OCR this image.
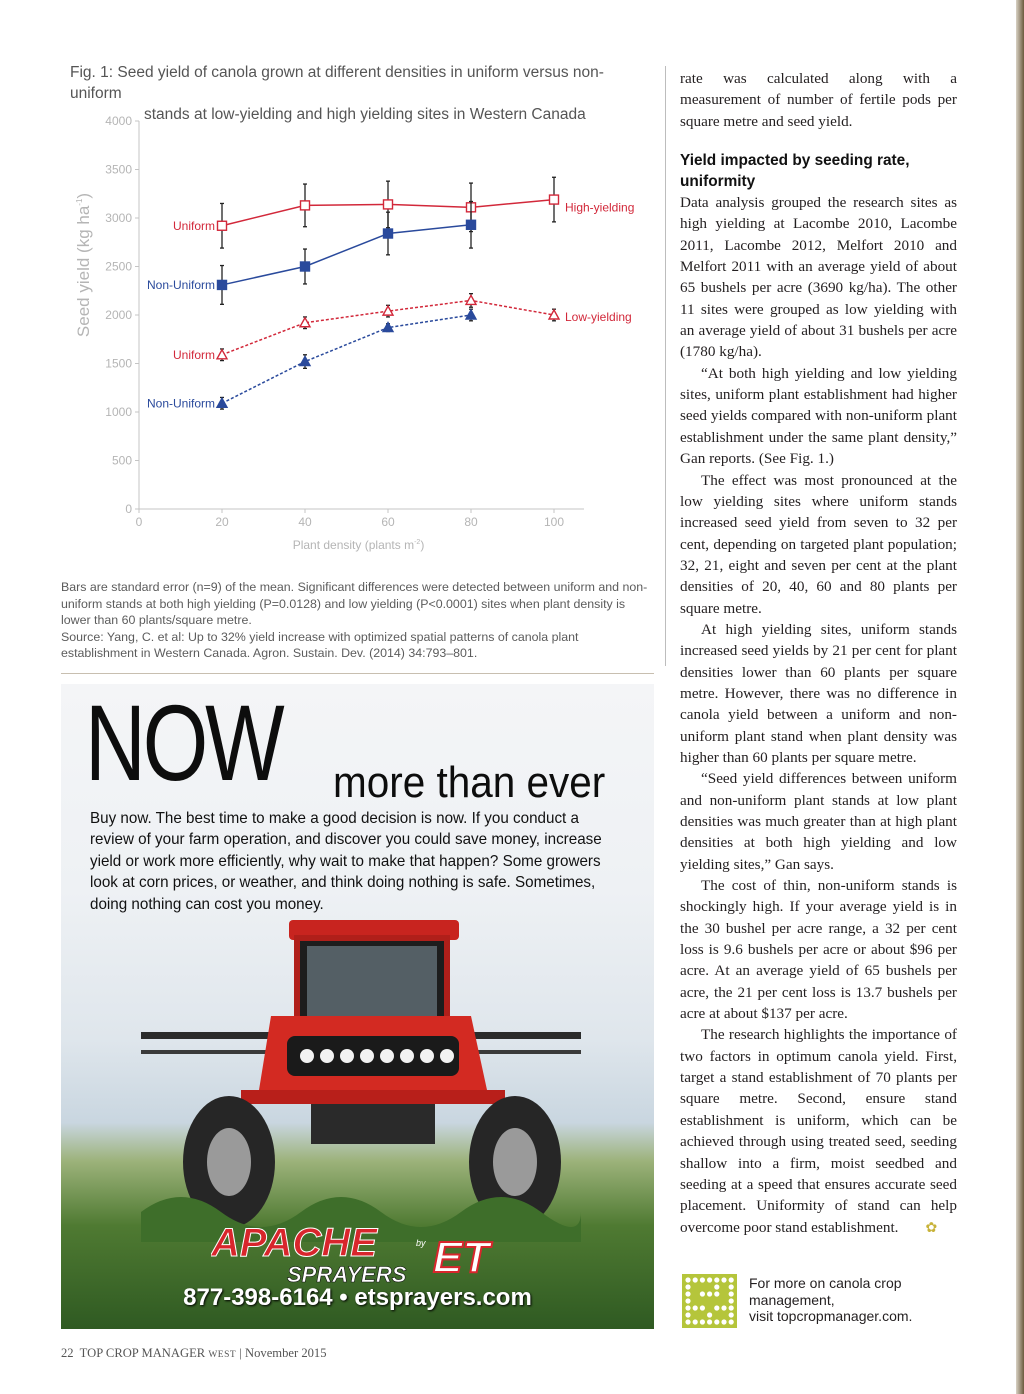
Fig. 1: Seed yield of canola grown at different densities in uniform versus non-uniform
stands at low-yielding and high yielding sites in Western Canada
0
500
1000
1500
2000
2500
3000
3500
4000
0	20	40	60	80	100
Plant density (plants $m^{-2}$)
Seed yield (kg $ha^{-1}$)
Uniform
Non-Uniform
Uniform
Non-Uniform
High-yielding
Low-yielding

Bars are standard error (n=9) of the mean. Significant differences were detected between uniform and non-uniform stands at both high yielding (P=0.0128) and low yielding (P<0.0001) sites when plant density is lower than 60 plants/square metre.

Source: Yang, C. et al: Up to 32% yield increase with optimized spatial patterns of canola plant establishment in Western Canada. Agron. Sustain. Dev. (2014) 34:793–801.

NOW more than ever
Buy now. The best time to make a good decision is now. If you conduct a review of your farm operation, and discover you could save money, increase yield or work more efficiently, why wait to make that happen? Some growers look at corn prices, or weather, and think doing nothing is safe. Sometimes, doing nothing can cost you money.
APACHE	by
SPRAYERS ET
877-398-6164 • etsprayers.com

rate was calculated along with a measurement of number of fertile pods per square metre and seed yield.

Yield impacted by seeding rate, uniformity

Data analysis grouped the research sites as high yielding at Lacombe 2010, Lacombe 2011, Lacombe 2012, Melfort 2010 and Melfort 2011 with an average yield of about 65 bushels per acre (3690 kg/ha). The other 11 sites were grouped as low yielding with an average yield of about 31 bushels per acre (1780 kg/ha).

“At both high yielding and low yielding sites, uniform plant establishment had higher seed yields compared with non-uniform plant establishment under the same plant density,” Gan reports. (See Fig. 1.)

The effect was most pronounced at the low yielding sites where uniform stands increased seed yield from seven to 32 per cent, depending on targeted plant population; 32, 21, eight and seven per cent at the plant densities of 20, 40, 60 and 80 plants per square metre.

At high yielding sites, uniform stands increased seed yields by 21 per cent for plant densities lower than 60 plants per square metre. However, there was no difference in canola yield between a uniform and non-uniform plant stand when plant density was higher than 60 plants per square metre.

“Seed yield differences between uniform and non-uniform plant stands at low plant densities was much greater than at high plant densities at both high yielding and low yielding sites,” Gan says.

The cost of thin, non-uniform stands is shockingly high. If your average yield is in the 30 bushel per acre range, a 32 per cent loss is 9.6 bushels per acre or about $96 per acre. At an average yield of 65 bushels per acre, the 21 per cent loss is 13.7 bushels per acre at about $137 per acre.

The research highlights the importance of two factors in optimum canola yield. First, target a stand establishment of 70 plants per square metre. Second, ensure stand establishment is uniform, which can be achieved through using treated seed, seeding shallow into a firm, moist seedbed and seeding at a speed that ensures accurate seed placement. Uniformity of stand can help overcome poor stand establishment. ✿

For more on canola crop
management,
visit topcropmanager.com.
22 TOP CROP MANAGER WEST | November 2015
